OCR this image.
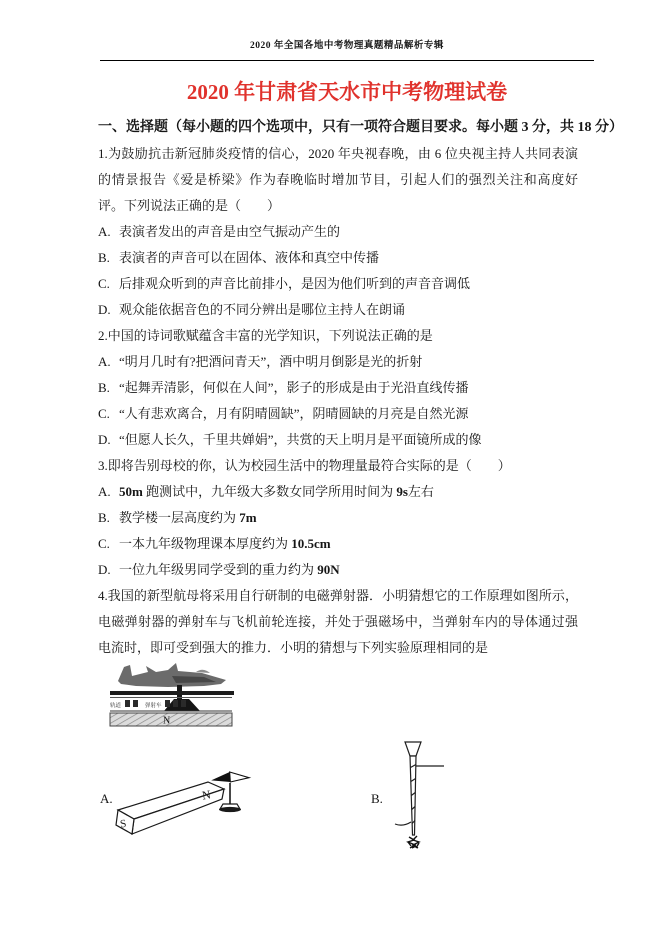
2020 年全国各地中考物理真题精品解析专辑
2020 年甘肃省天水市中考物理试卷

一、选择题（每小题的四个选项中，只有一项符合题目要求。每小题 3 分，共 18 分）

1.为鼓励抗击新冠肺炎疫情的信心，2020 年央视春晚，由 6 位央视主持人共同表演的情景报告《爱是桥梁》作为春晚临时增加节目，引起人们的强烈关注和高度好评。下列说法正确的是（　　）

A. 表演者发出的声音是由空气振动产生的

B. 表演者的声音可以在固体、液体和真空中传播

C. 后排观众听到的声音比前排小，是因为他们听到的声音音调低

D. 观众能依据音色的不同分辨出是哪位主持人在朗诵

2.中国的诗词歌赋蕴含丰富的光学知识，下列说法正确的是

A. “明月几时有?把酒问青天”，酒中明月倒影是光的折射

B. “起舞弄清影，何似在人间”，影子的形成是由于光沿直线传播

C. “人有悲欢离合，月有阴晴圆缺”，阴晴圆缺的月亮是自然光源

D. “但愿人长久，千里共婵娟”，共赏的天上明月是平面镜所成的像

3.即将告别母校的你，认为校园生活中的物理量最符合实际的是（　　）

A. 50m 跑测试中，九年级大多数女同学所用时间为 9s左右

B. 教学楼一层高度约为 7m

C. 一本九年级物理课本厚度约为 10.5cm

D. 一位九年级男同学受到的重力约为 90N

4.我国的新型航母将采用自行研制的电磁弹射器．小明猜想它的工作原理如图所示，电磁弹射器的弹射车与飞机前轮连接，并处于强磁场中，当弹射车内的导体通过强电流时，即可受到强大的推力．小明的猜想与下列实验原理相同的是

轨道	弹射车
N
A.
S
N	B.
